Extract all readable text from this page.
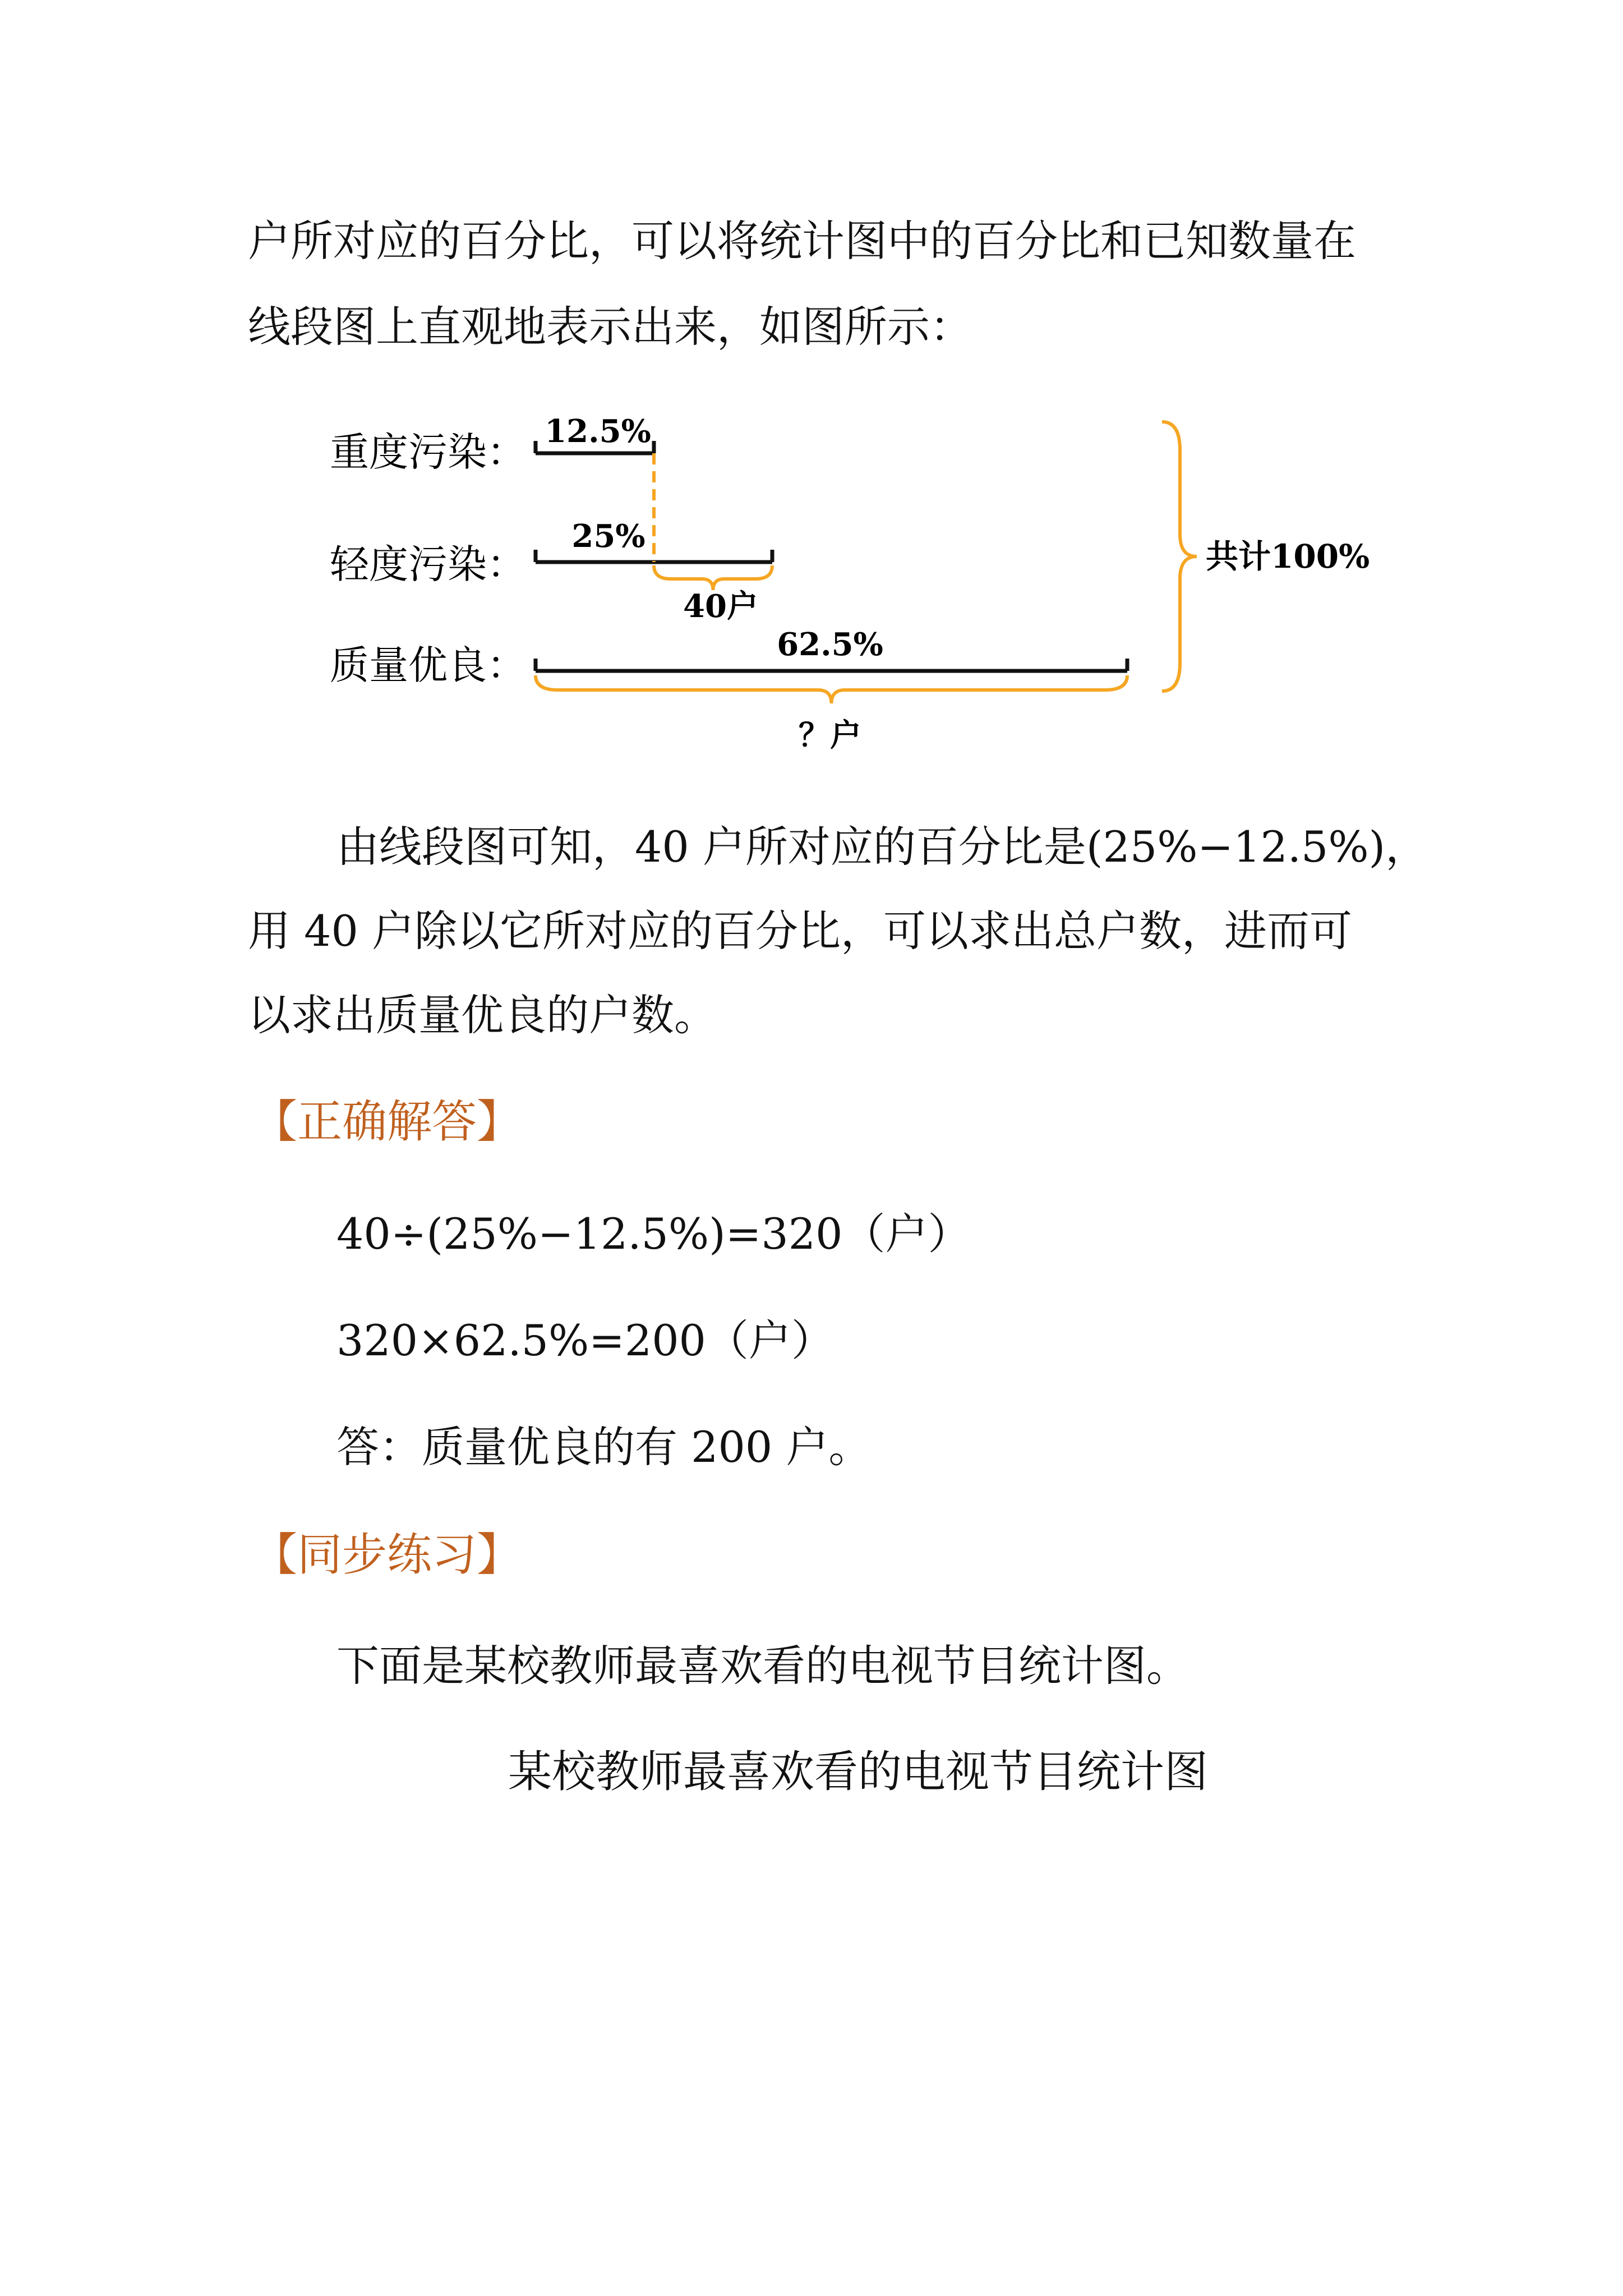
户所对应的百分比，可以将统计图中的百分比和已知数量在
线段图上直观地表示出来，如图所示：
重度污染：
轻度污染：
质量优良：
12.5%
25%
62.5%
40户
？户
共计100%
由线段图可知，40 户所对应的百分比是(25%−12.5%)，
用 40 户除以它所对应的百分比，可以求出总户数，进而可
以求出质量优良的户数。
【正确解答】
40÷(25%−12.5%)=320（户）
320×62.5%=200（户）
答：质量优良的有 200 户。
【同步练习】
下面是某校教师最喜欢看的电视节目统计图。
某校教师最喜欢看的电视节目统计图
